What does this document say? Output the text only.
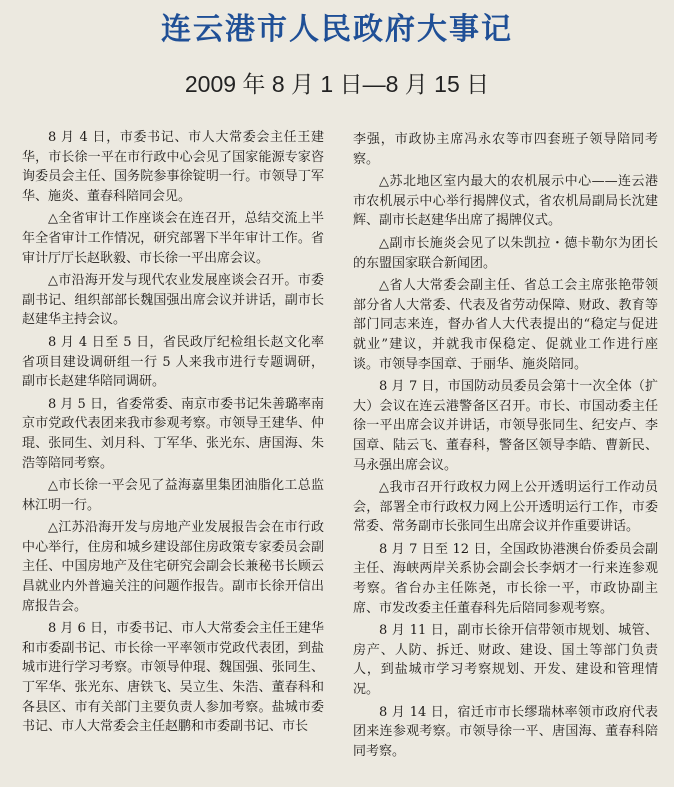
连云港市人民政府大事记
2009 年 8 月 1 日—8 月 15 日

8 月 4 日，市委书记、市人大常委会主任王建华，市长徐一平在市行政中心会见了国家能源专家咨询委员会主任、国务院参事徐锭明一行。市领导丁军华、施炎、董春科陪同会见。

△全省审计工作座谈会在连召开，总结交流上半年全省审计工作情况，研究部署下半年审计工作。省审计厅厅长赵耿毅、市长徐一平出席会议。

△市沿海开发与现代农业发展座谈会召开。市委副书记、组织部部长魏国强出席会议并讲话，副市长赵建华主持会议。

8 月 4 日至 5 日，省民政厅纪检组长赵文化率省项目建设调研组一行 5 人来我市进行专题调研，副市长赵建华陪同调研。

8 月 5 日，省委常委、南京市委书记朱善璐率南京市党政代表团来我市参观考察。市领导王建华、仲琨、张同生、刘月科、丁军华、张光东、唐国海、朱浩等陪同考察。

△市长徐一平会见了益海嘉里集团油脂化工总监林江明一行。

△江苏沿海开发与房地产业发展报告会在市行政中心举行，住房和城乡建设部住房政策专家委员会副主任、中国房地产及住宅研究会副会长兼秘书长顾云昌就业内外普遍关注的问题作报告。副市长徐开信出席报告会。

8 月 6 日，市委书记、市人大常委会主任王建华和市委副书记、市长徐一平率领市党政代表团，到盐城市进行学习考察。市领导仲琨、魏国强、张同生、丁军华、张光东、唐铁飞、吴立生、朱浩、董春科和各县区、市有关部门主要负责人参加考察。盐城市委书记、市人大常委会主任赵鹏和市委副书记、市长

李强，市政协主席冯永农等市四套班子领导陪同考察。

△苏北地区室内最大的农机展示中心——连云港市农机展示中心举行揭牌仪式，省农机局副局长沈建辉、副市长赵建华出席了揭牌仪式。

△副市长施炎会见了以朱凯拉・德卡勒尔为团长的东盟国家联合新闻团。

△省人大常委会副主任、省总工会主席张艳带领部分省人大常委、代表及省劳动保障、财政、教育等部门同志来连，督办省人大代表提出的“稳定与促进就业”建议，并就我市保稳定、促就业工作进行座谈。市领导李国章、于丽华、施炎陪同。

8 月 7 日，市国防动员委员会第十一次全体（扩大）会议在连云港警备区召开。市长、市国动委主任徐一平出席会议并讲话，市领导张同生、纪安卢、李国章、陆云飞、董春科，警备区领导李皓、曹新民、马永强出席会议。

△我市召开行政权力网上公开透明运行工作动员会，部署全市行政权力网上公开透明运行工作，市委常委、常务副市长张同生出席会议并作重要讲话。

8 月 7 日至 12 日，全国政协港澳台侨委员会副主任、海峡两岸关系协会副会长李炳才一行来连参观考察。省台办主任陈尧，市长徐一平，市政协副主席、市发改委主任董春科先后陪同参观考察。

8 月 11 日，副市长徐开信带领市规划、城管、房产、人防、拆迁、财政、建设、国土等部门负责人，到盐城市学习考察规划、开发、建设和管理情况。

8 月 14 日，宿迁市市长缪瑞林率领市政府代表团来连参观考察。市领导徐一平、唐国海、董春科陪同考察。
